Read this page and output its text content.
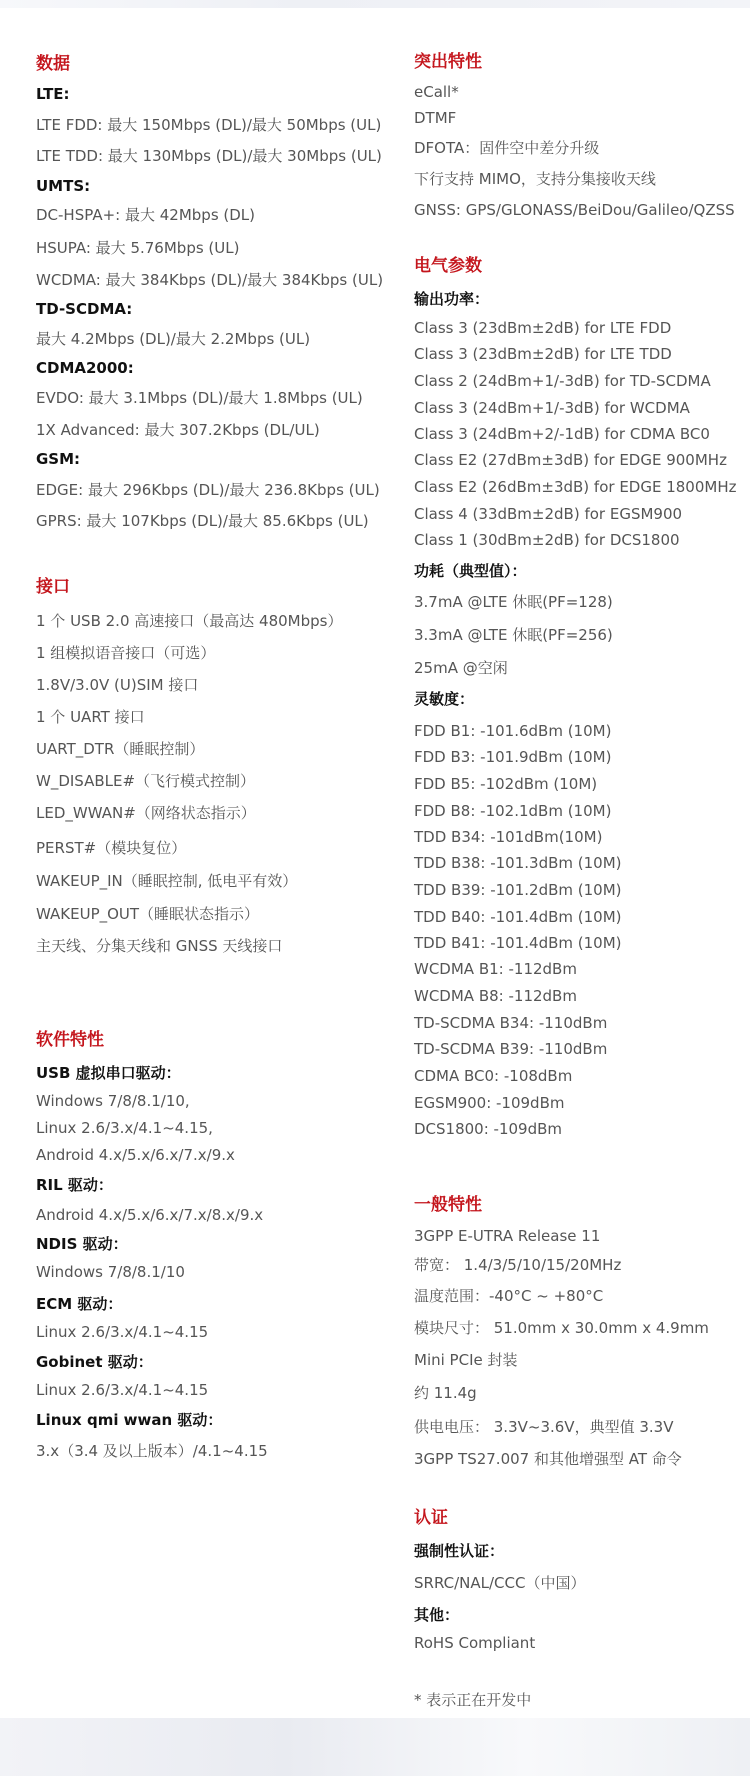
数据
LTE:
LTE FDD: 最大 150Mbps (DL)/最大 50Mbps (UL)
LTE TDD: 最大 130Mbps (DL)/最大 30Mbps (UL)
UMTS:
DC-HSPA+: 最大 42Mbps (DL)
HSUPA: 最大 5.76Mbps (UL)
WCDMA: 最大 384Kbps (DL)/最大 384Kbps (UL)
TD-SCDMA:
最大 4.2Mbps (DL)/最大 2.2Mbps (UL)
CDMA2000:
EVDO: 最大 3.1Mbps (DL)/最大 1.8Mbps (UL)
1X Advanced: 最大 307.2Kbps (DL/UL)
GSM:
EDGE: 最大 296Kbps (DL)/最大 236.8Kbps (UL)
GPRS: 最大 107Kbps (DL)/最大 85.6Kbps (UL)
接口
1 个 USB 2.0 高速接口（最高达 480Mbps）
1 组模拟语音接口（可选）
1.8V/3.0V (U)SIM 接口
1 个 UART 接口
UART_DTR（睡眠控制）
W_DISABLE#（飞行模式控制）
LED_WWAN#（网络状态指示）
PERST#（模块复位）
WAKEUP_IN（睡眠控制, 低电平有效）
WAKEUP_OUT（睡眠状态指示）
主天线、分集天线和 GNSS 天线接口
软件特性
USB 虚拟串口驱动：
Windows 7/8/8.1/10,
Linux 2.6/3.x/4.1~4.15,
Android 4.x/5.x/6.x/7.x/9.x
RIL 驱动：
Android 4.x/5.x/6.x/7.x/8.x/9.x
NDIS 驱动：
Windows 7/8/8.1/10
ECM 驱动：
Linux 2.6/3.x/4.1~4.15
Gobinet 驱动：
Linux 2.6/3.x/4.1~4.15
Linux qmi wwan 驱动：
3.x（3.4 及以上版本）/4.1~4.15
突出特性
eCall*
DTMF
DFOTA：固件空中差分升级
下行支持 MIMO，支持分集接收天线
GNSS: GPS/GLONASS/BeiDou/Galileo/QZSS
电气参数
输出功率：
Class 3 (23dBm±2dB) for LTE FDD
Class 3 (23dBm±2dB) for LTE TDD
Class 2 (24dBm+1/-3dB) for TD-SCDMA
Class 3 (24dBm+1/-3dB) for WCDMA
Class 3 (24dBm+2/-1dB) for CDMA BC0
Class E2 (27dBm±3dB) for EDGE 900MHz
Class E2 (26dBm±3dB) for EDGE 1800MHz
Class 4 (33dBm±2dB) for EGSM900
Class 1 (30dBm±2dB) for DCS1800
功耗（典型值）：
3.7mA @LTE 休眠(PF=128)
3.3mA @LTE 休眠(PF=256)
25mA @空闲
灵敏度：
FDD B1: -101.6dBm (10M)
FDD B3: -101.9dBm (10M)
FDD B5: -102dBm (10M)
FDD B8: -102.1dBm (10M)
TDD B34: -101dBm(10M)
TDD B38: -101.3dBm (10M)
TDD B39: -101.2dBm (10M)
TDD B40: -101.4dBm (10M)
TDD B41: -101.4dBm (10M)
WCDMA B1: -112dBm
WCDMA B8: -112dBm
TD-SCDMA B34: -110dBm
TD-SCDMA B39: -110dBm
CDMA BC0: -108dBm
EGSM900: -109dBm
DCS1800: -109dBm
一般特性
3GPP E-UTRA Release 11
带宽： 1.4/3/5/10/15/20MHz
温度范围：-40°C ~ +80°C
模块尺寸： 51.0mm x 30.0mm x 4.9mm
Mini PCIe 封装
约 11.4g
供电电压： 3.3V~3.6V，典型值 3.3V
3GPP TS27.007 和其他增强型 AT 命令
认证
强制性认证：
SRRC/NAL/CCC（中国）
其他：
RoHS Compliant
* 表示正在开发中
